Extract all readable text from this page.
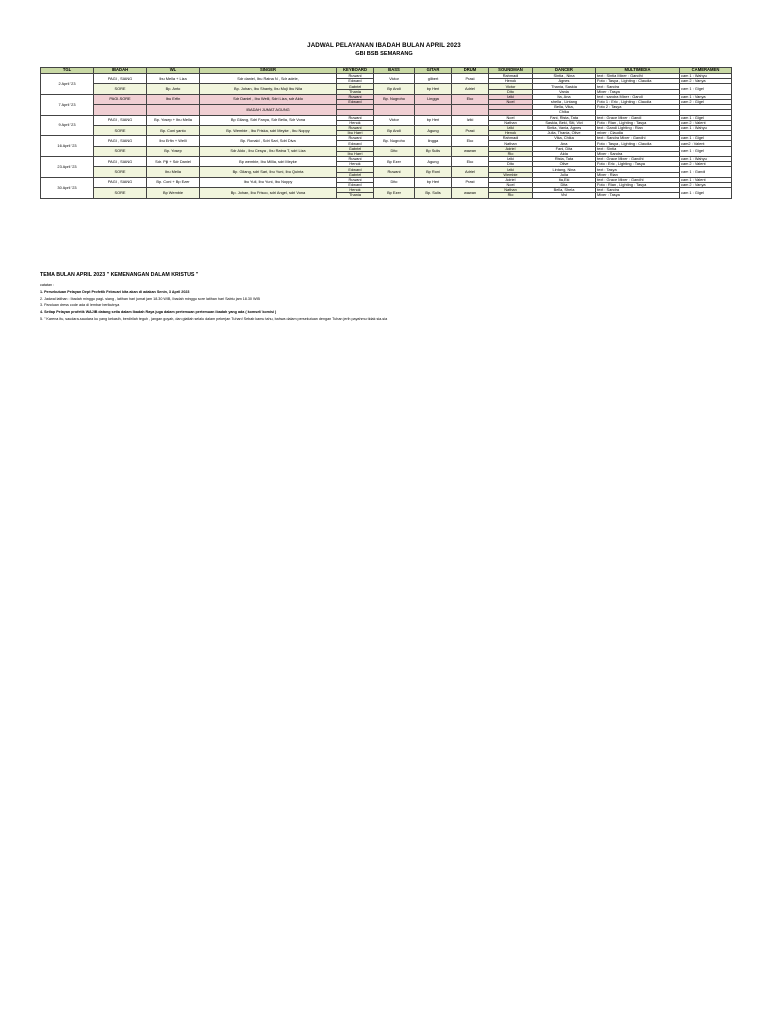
JADWAL PELAYANAN IBADAH BULAN APRIL 2023
GBI BSB SEMARANG
TGL	IBADAH	WL	SINGER	KEYBOARD	BASS	GITAR	DRUM	SOUNDMAN	DANCER	MULTIMEDIA	CAMERAMEN
2 April '23	PAGI , SIANG	Ibu Mella + Liza	Sdr daniel, Ibu Ratna N , Sdr adele,	Ruwani	Victor	gilbert	Prast	Rahmadi	Sintia , Nina	text : Sintia Mixer : Gandhi	cam 1 : Wahyu
				Edward				Henok	Agnes	Foto : Tasya , Lighting : Claudia	cam 2 : Vanya
	SORE	Bp. Anto	Bp. Johan, Ibu Shanty, Ibu Muji Ibu Nila	Gabriel	Bp Andi	bp Heri	Adriel	Victor	Thania, Saskia	text : Sandra	cam 1 : Gigel
				Thania				Dito	Vania	Mixer : Tasya	
7 April '23	PAGI-SORE	Ibu Erfin	Sdr Daniel , Ibu Welli, Sdri Liza, sdr Aldo	Ruwani	Bp. Nugroho	Lingga	Eko	Iziki	Ita, Ana	text : sandra Mixer : Gandi	cam 1 : Vanya
				Edward				Noel	shella , Lintang	Foto 1 : Eric , Lighting : Claudia	cam 2 : Gigel
			IBADAH JUMAT AGUNG						Bella, Vika,	Foto 2 : Tasya	
									Chika		
9 April '23	PAGI , SIANG	Bp. Yosep + Ibu Mella	Bp Gilang, Sdri Fanya, Sdr Bella, Sdr Vona	Ruwani	Victor	bp Heri	Iziki	Noel	Fani, Rista, Tata	text : Grace Mixer : Gandi	cam 1 : Gigel
				Henok				Nathan	Saskia, Beki, Siti, Vivi	Foto : Rian , Lighting : Tasya	cam 2 : Valent
	SORE	Bp. Coni yanto	Bp. Wembie , Ibu Friska, sdri Meyke , Ibu Noppy	Ruwani	Bp Andi	Agung	Prast	Iziki	Sintia, Vania, Agnes	text : Gandi Lighting : Rian	cam 1 : Wahyu
				Ibu Harri				Henok	Julia, Thania, Olive	mixer : Claudia	
16 April '23	PAGI , SIANG	Ibu Erfin + Welli	Bp. Ronald , Sdri Sari, Sdri Diva	Ruwani	Bp. Nugroho	lingga	Eko	Rahmadi	Vika, Chika	text : Sandra Mixer : Gandhi	cam 1 : Gigel
				Edward				Nathan	Ana	Foto : Tasya , Lighting : Claudia	cam2 : Valent
	SORE	Bp. Yosep	Sdr Aldo , Ibu Cesya , Ibu Ratna T, sdri Liza	Gabriel	Dito	Bp Sulis	wawan	Adriel	Fani, Dita	text : Sintia	cam 1 : Gigel
				Ibu Harri				Rio	Alda	Mixer : Sandra	
23 April '23	PAGI , SIANG	Sdr. Piji + Sdr Daniel	Bp wembie, Ibu Millia, sdri Meyke	Ruwani	Bp Ezer	Agung	Eko	Iziki	Rista, Tata	text : Grace Mixer : Gandhi	cam 1 : Wahyu
				Henok				Dito	Olive	Foto : Eric , Lighting : Tasya	cam 2 : Valent
	SORE	Ibu Mella	Bp. Gilang, sdri Sari, Ibu Yuni, Ibu Quinta	Edward	Ruwani	Bp Roni	Adriel	Iziki	Lintang, Nina	text : Tasya	cam 1 : Gandi
				Gabriel				Wembie	Julia	Mixer : Rian	
30 April '23	PAGI , SIANG	Bp. Coni + Bp Ezer	Ibu Yuli, Ibu Yuni, Ibu Noppy	Ruwani	Dito	bp Heri	Prast	Adriel	Ita,Eki	text : Grace Mixer : Gandhi	cam 1 : Valent
				Edward				Noel	Dita	Foto : Rian , Lighting : Tasya	cam 2 : Vanya
	SORE	Bp Wembie	Bp. Johan, Ibu Frisco, sdri Angel, sdri Vona	Henok	Bp Ezer	Bp. Sulis	wawan	Nathan	Bella, Shela	text : Sandra	cam 1 : Gigel
				Thania				Rio	Vivi	Mixer : Tasya	
TEMA BULAN APRIL 2023 " KEMENANGAN DALAM KRISTUS "
catatan :
1. Persekutuan Pelayan Dept Profetik Februari kita akan di adakan Senin, 3 April 2023
2. Jadwal latihan : Ibadah minggu pagi- siang , latihan hari jumat jam 18.30 WIB, Ibadah minggu sore latihan hari Sabtu jam 18.30 WIB
3. Panduan dress code ada di lembar berikutnya
4. Setiap Pelayan profetik WAJIB datang setia dalam Ibadah Raya juga dalam pertemuan pertemuan ibadah yang ada ( komsel/ komisi )
5. " Karena itu, saudara-saudara ku yang kekasih, berdirilah teguh , jangan goyah, dan giatlah selalu dalam pekerjan Tuhan! Sebab kamu tahu, bahwa dalam persekutuan dengan Tuhan jerih payahmu tidak sia-sia
